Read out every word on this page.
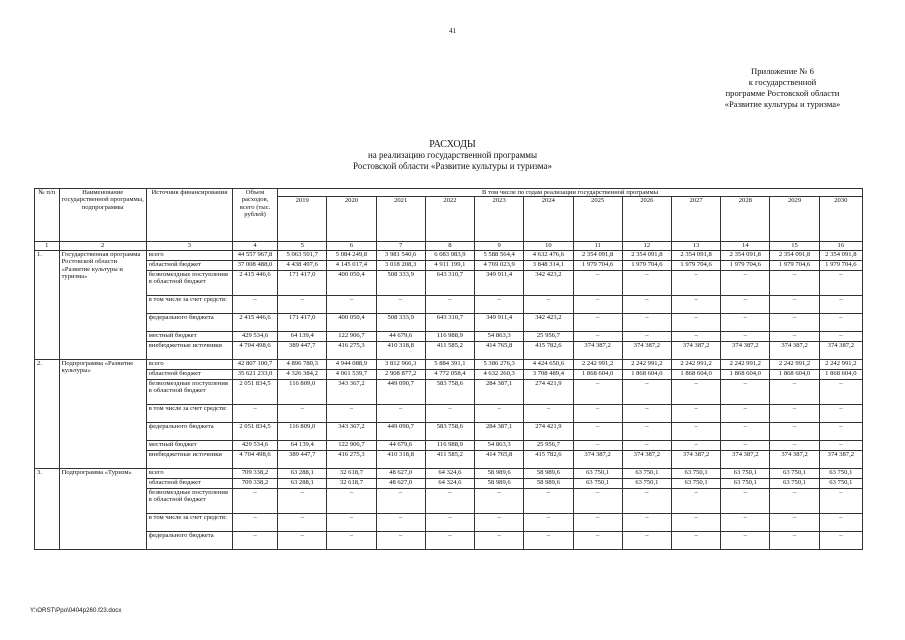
41
Приложение № 6
к государственной
программе Ростовской области
«Развитие культуры и туризма»
РАСХОДЫ
на реализацию государственной программы
Ростовской области «Развитие культуры и туризма»
№ п/п	Наименование государственной программы, подпрограммы	Источник финансирования	Объем расходов, всего (тыс. рублей)	В том числе по годам реализации государственной программы											
				2019	2020	2021	2022	2023	2024	2025	2026	2027	2028	2029	2030
1	2	3	4	5	6	7	8	9	10	11	12	13	14	15	16
1.	Государственная программа Ростовской области «Развитие культуры и туризма»	всего	44 557 967,8	5 063 501,7	5 084 249,8	3 981 540,6	6 083 083,9	5 588 564,4	4 632 476,6	2 354 091,8	2 354 091,8	2 354 091,8	2 354 091,8	2 354 091,8	2 354 091,8
		областной бюджет	37 008 488,0	4 438 497,6	4 145 017,4	3 018 208,3	4 911 199,1	4 769 023,9	3 848 314,1	1 979 704,6	1 979 704,6	1 979 704,6	1 979 704,6	1 979 704,6	1 979 704,6
		безвозмездные поступления в областной бюджет	2 415 446,6	171 417,0	400 050,4	508 333,9	643 310,7	349 911,4	342 423,2	–	–	–	–	–	–
		в том числе за счет средств:	–	–	–	–	–	–	–	–	–	–	–	–	–
		федерального бюджета	2 415 446,6	171 417,0	400 050,4	508 333,9	643 310,7	349 911,4	342 423,2	–	–	–	–	–	–
		местный бюджет	429 534,6	64 139,4	122 906,7	44 679,6	116 988,9	54 863,3	25 956,7	–	–	–	–	–	–
		внебюджетные источники	4 704 498,6	389 447,7	416 275,3	410 318,8	411 585,2	414 765,8	415 782,6	374 387,2	374 387,2	374 387,2	374 387,2	374 387,2	374 387,2
2.	Подпрограмма «Развитие культуры»	всего	42 807 100,7	4 896 780,3	4 944 088,9	3 812 966,3	5 884 391,1	5 386 276,3	4 424 650,6	2 242 991,2	2 242 991,2	2 242 991,2	2 242 991,2	2 242 991,2	2 242 991,2
		областной бюджет	35 621 233,0	4 326 384,2	4 061 539,7	2 908 877,2	4 772 058,4	4 632 260,3	3 708 489,4	1 868 604,0	1 868 604,0	1 868 604,0	1 868 604,0	1 868 604,0	1 868 604,0
		безвозмездные поступления в областной бюджет	2 051 834,5	116 809,0	343 367,2	449 090,7	583 758,6	284 387,1	274 421,9	–	–	–	–	–	–
		в том числе за счет средств:	–	–	–	–	–	–	–	–	–	–	–	–	–
		федерального бюджета	2 051 834,5	116 809,0	343 367,2	449 090,7	583 758,6	284 387,1	274 421,9	–	–	–	–	–	–
		местный бюджет	429 534,6	64 139,4	122 906,7	44 679,6	116 988,9	54 863,3	25 956,7	–	–	–	–	–	–
		внебюджетные источники	4 704 498,6	389 447,7	416 275,3	410 318,8	411 585,2	414 765,8	415 782,6	374 387,2	374 387,2	374 387,2	374 387,2	374 387,2	374 387,2
3.	Подпрограмма «Туризм»	всего	709 338,2	63 288,1	32 618,7	48 627,0	64 324,6	58 989,6	58 989,6	63 750,1	63 750,1	63 750,1	63 750,1	63 750,1	63 750,1
		областной бюджет	709 338,2	63 288,1	32 618,7	48 627,0	64 324,6	58 989,6	58 989,6	63 750,1	63 750,1	63 750,1	63 750,1	63 750,1	63 750,1
		безвозмездные поступления в областной бюджет	–	–	–	–	–	–	–	–	–	–	–	–	–
		в том числе за счет средств:	–	–	–	–	–	–	–	–	–	–	–	–	–
		федерального бюджета	–	–	–	–	–	–	–	–	–	–	–	–	–
Y:\ORST\Ppo\0404p260.f23.docx
